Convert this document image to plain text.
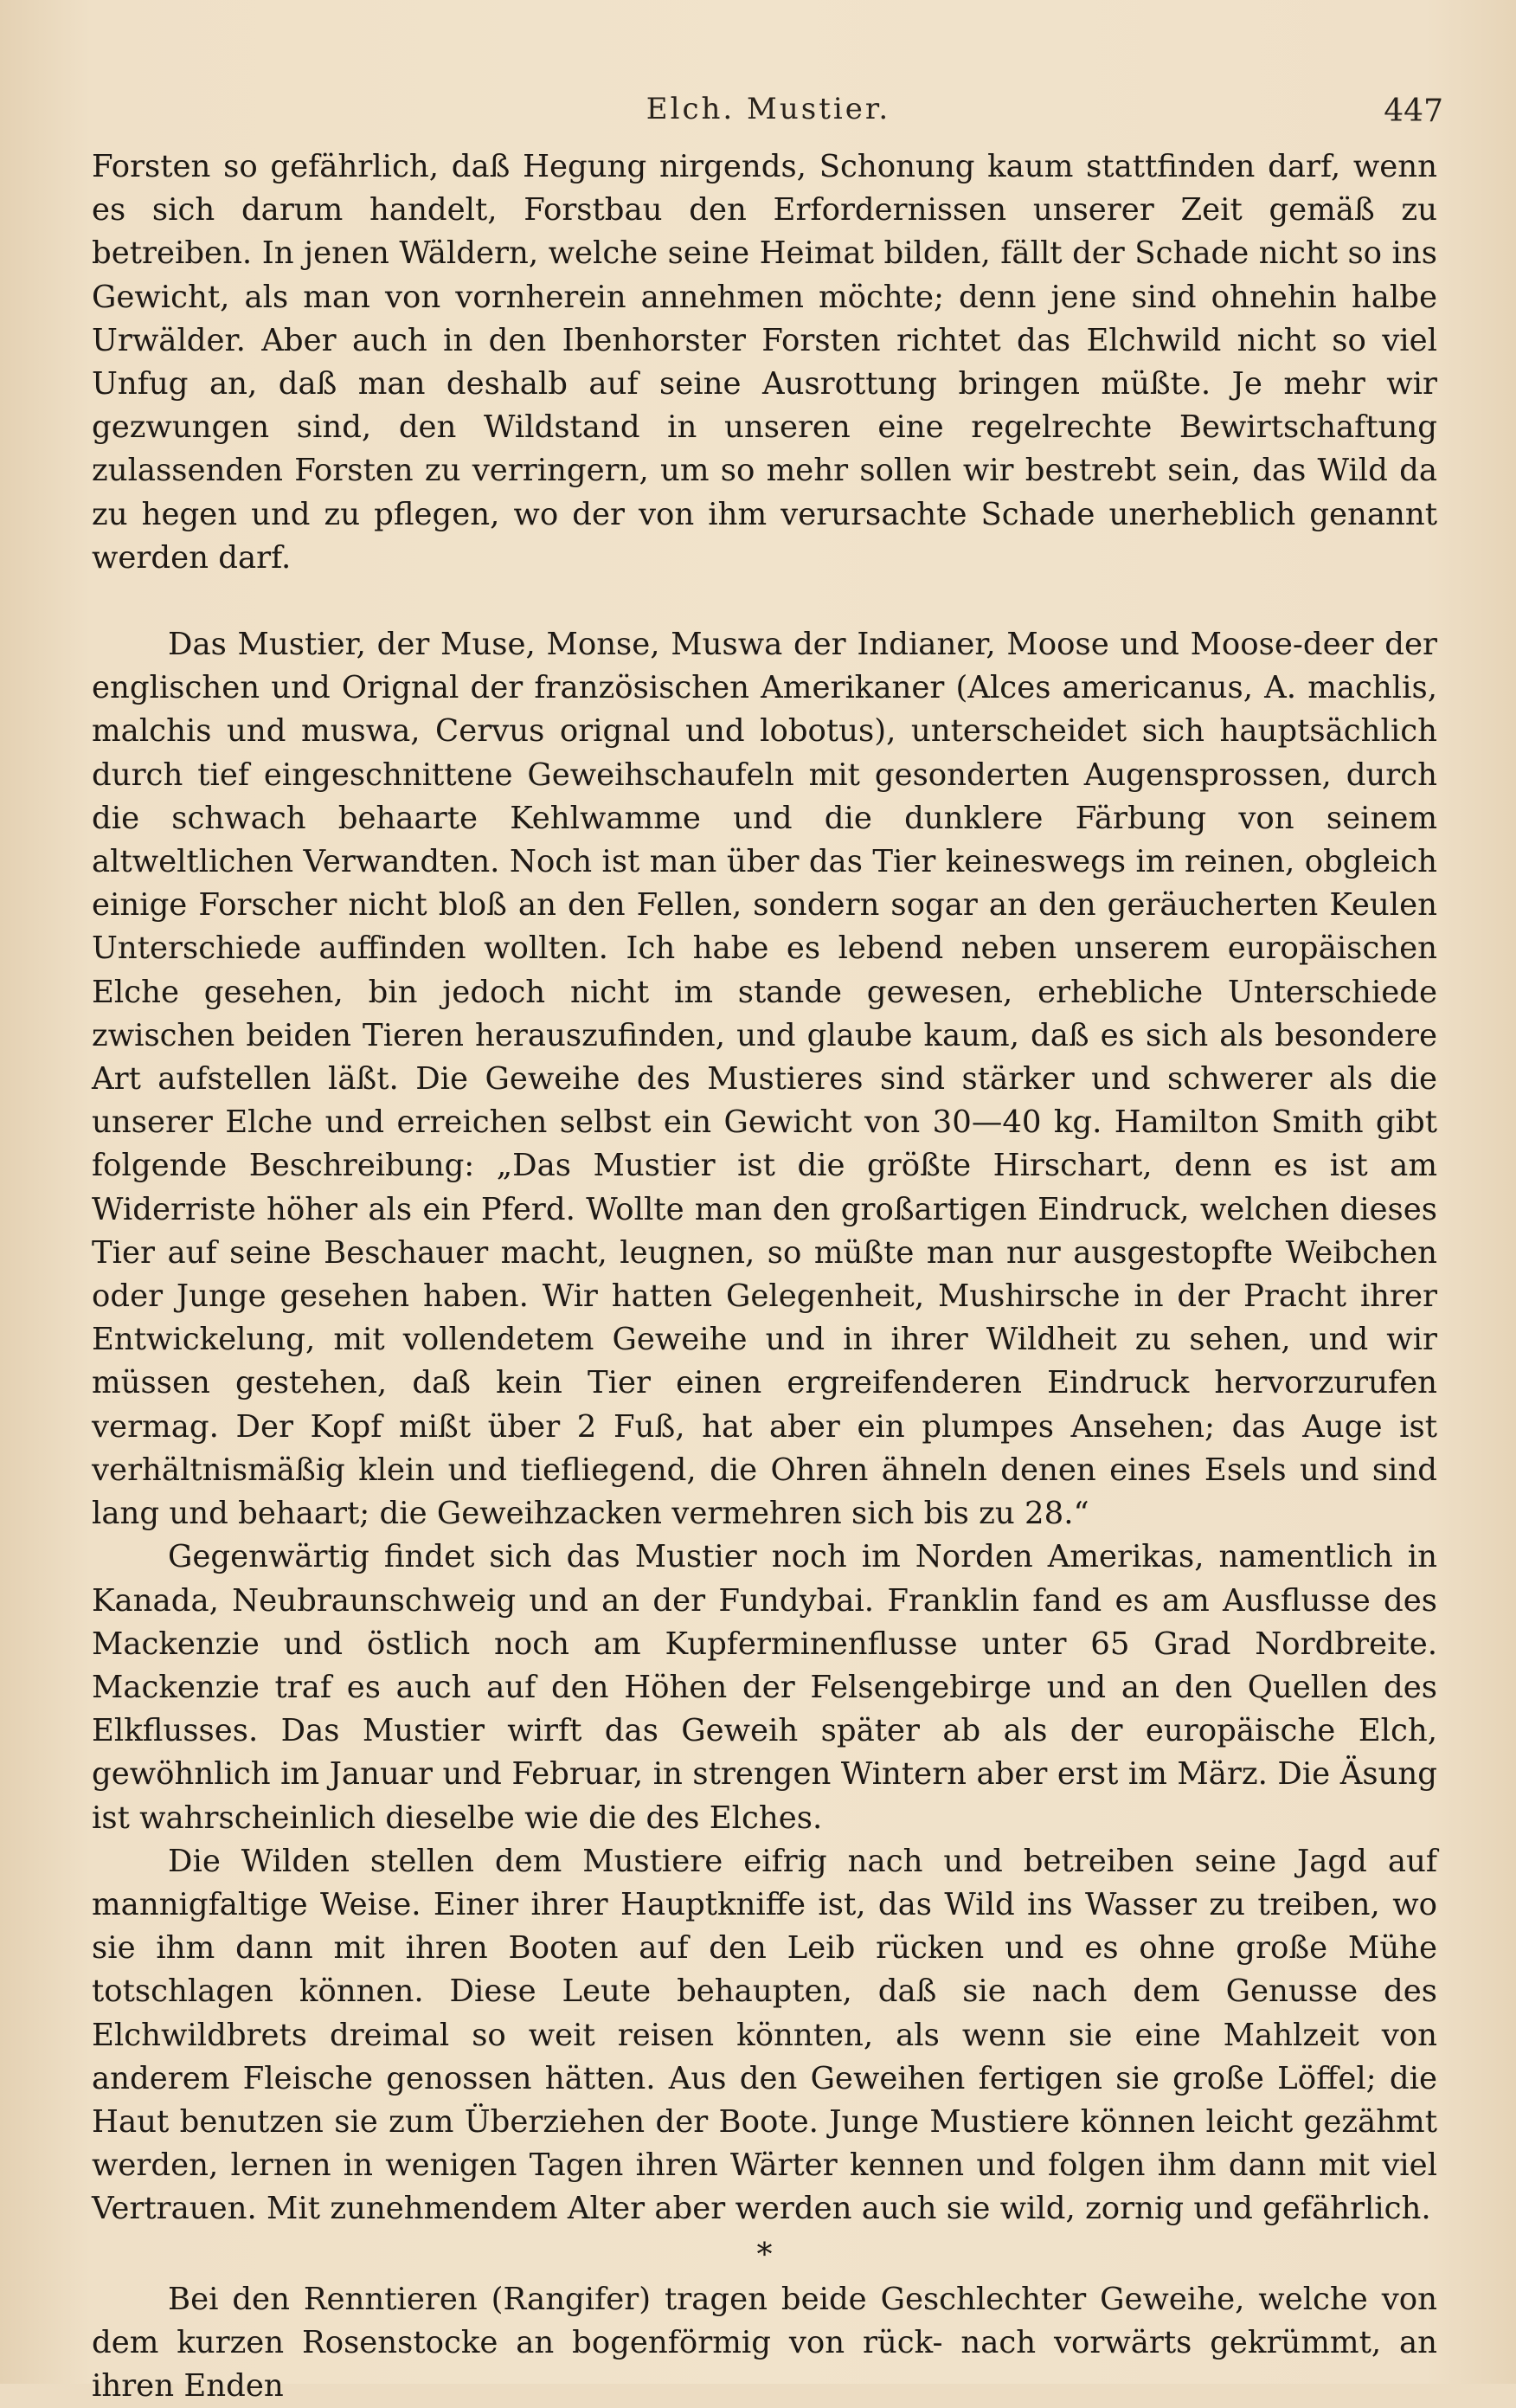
Elch. Mustier.	447

Forsten so gefährlich, daß Hegung nirgends, Schonung kaum stattfinden darf, wenn es sich darum handelt, Forstbau den Erfordernissen unserer Zeit gemäß zu betreiben. In jenen Wäldern, welche seine Heimat bilden, fällt der Schade nicht so ins Gewicht, als man von vornherein annehmen möchte; denn jene sind ohnehin halbe Urwälder. Aber auch in den Ibenhorster Forsten richtet das Elchwild nicht so viel Unfug an, daß man deshalb auf seine Ausrottung bringen müßte. Je mehr wir gezwungen sind, den Wildstand in unseren eine regelrechte Bewirtschaftung zulassenden Forsten zu verringern, um so mehr sollen wir bestrebt sein, das Wild da zu hegen und zu pflegen, wo der von ihm verursachte Schade unerheblich genannt werden darf.

Das Mustier, der Muse, Monse, Muswa der Indianer, Moose und Moose-deer der englischen und Orignal der französischen Amerikaner (Alces americanus, A. machlis, malchis und muswa, Cervus orignal und lobotus), unterscheidet sich hauptsächlich durch tief eingeschnittene Geweihschaufeln mit gesonderten Augensprossen, durch die schwach behaarte Kehlwamme und die dunklere Färbung von seinem altweltlichen Verwandten. Noch ist man über das Tier keineswegs im reinen, obgleich einige Forscher nicht bloß an den Fellen, sondern sogar an den geräucherten Keulen Unterschiede auffinden wollten. Ich habe es lebend neben unserem europäischen Elche gesehen, bin jedoch nicht im stande gewesen, erhebliche Unterschiede zwischen beiden Tieren herauszufinden, und glaube kaum, daß es sich als besondere Art aufstellen läßt. Die Geweihe des Mustieres sind stärker und schwerer als die unserer Elche und erreichen selbst ein Gewicht von 30—40 kg. Hamilton Smith gibt folgende Beschreibung: „Das Mustier ist die größte Hirschart, denn es ist am Widerriste höher als ein Pferd. Wollte man den großartigen Eindruck, welchen dieses Tier auf seine Beschauer macht, leugnen, so müßte man nur ausgestopfte Weibchen oder Junge gesehen haben. Wir hatten Gelegenheit, Mushirsche in der Pracht ihrer Entwickelung, mit vollendetem Geweihe und in ihrer Wildheit zu sehen, und wir müssen gestehen, daß kein Tier einen ergreifenderen Eindruck hervorzurufen vermag. Der Kopf mißt über 2 Fuß, hat aber ein plumpes Ansehen; das Auge ist verhältnismäßig klein und tiefliegend, die Ohren ähneln denen eines Esels und sind lang und behaart; die Geweihzacken vermehren sich bis zu 28.“

Gegenwärtig findet sich das Mustier noch im Norden Amerikas, namentlich in Kanada, Neubraunschweig und an der Fundybai. Franklin fand es am Ausflusse des Mackenzie und östlich noch am Kupferminenflusse unter 65 Grad Nordbreite. Mackenzie traf es auch auf den Höhen der Felsengebirge und an den Quellen des Elkflusses. Das Mustier wirft das Geweih später ab als der europäische Elch, gewöhnlich im Januar und Februar, in strengen Wintern aber erst im März. Die Äsung ist wahrscheinlich dieselbe wie die des Elches.

Die Wilden stellen dem Mustiere eifrig nach und betreiben seine Jagd auf mannigfaltige Weise. Einer ihrer Hauptkniffe ist, das Wild ins Wasser zu treiben, wo sie ihm dann mit ihren Booten auf den Leib rücken und es ohne große Mühe totschlagen können. Diese Leute behaupten, daß sie nach dem Genusse des Elchwildbrets dreimal so weit reisen könnten, als wenn sie eine Mahlzeit von anderem Fleische genossen hätten. Aus den Geweihen fertigen sie große Löffel; die Haut benutzen sie zum Überziehen der Boote. Junge Mustiere können leicht gezähmt werden, lernen in wenigen Tagen ihren Wärter kennen und folgen ihm dann mit viel Vertrauen. Mit zunehmendem Alter aber werden auch sie wild, zornig und gefährlich.

*

Bei den Renntieren (Rangifer) tragen beide Geschlechter Geweihe, welche von dem kurzen Rosenstocke an bogenförmig von rück- nach vorwärts gekrümmt, an ihren Enden
